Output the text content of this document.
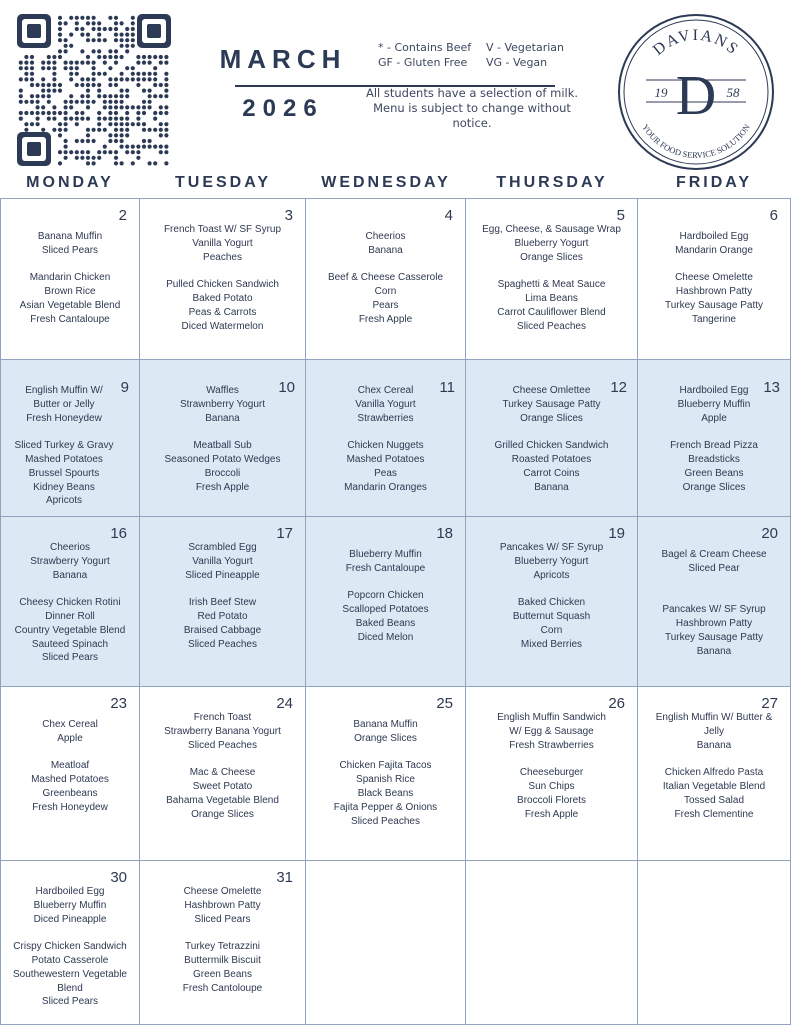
MARCH
2026
* - Contains Beef	V - Vegetarian
GF - Gluten Free	VG - Vegan
All students have a selection of milk.
Menu is subject to change without notice.
DAVIANS
YOUR FOOD SERVICE SOLUTION
D
19	58
MONDAY	TUESDAY	WEDNESDAY	THURSDAY	FRIDAY
2
Banana Muffin
Sliced Pears
Mandarin Chicken
Brown Rice
Asian Vegetable Blend
Fresh Cantaloupe
3
French Toast W/ SF Syrup
Vanilla Yogurt
Peaches
Pulled Chicken Sandwich
Baked Potato
Peas & Carrots
Diced Watermelon
4
Cheerios
Banana
Beef & Cheese Casserole
Corn
Pears
Fresh Apple
5
Egg, Cheese, & Sausage Wrap
Blueberry Yogurt
Orange Slices
Spaghetti & Meat Sauce
Lima Beans
Carrot Cauliflower Blend
Sliced Peaches
6
Hardboiled Egg
Mandarin Orange
Cheese Omelette
Hashbrown Patty
Turkey Sausage Patty
Tangerine
9
English Muffin W/
Butter or Jelly
Fresh Honeydew
Sliced Turkey & Gravy
Mashed Potatoes
Brussel Spourts
Kidney Beans
Apricots
10
Waffles
Strawnberry Yogurt
Banana
Meatball Sub
Seasoned Potato Wedges
Broccoli
Fresh Apple
11
Chex Cereal
Vanilla Yogurt
Strawberries
Chicken Nuggets
Mashed Potatoes
Peas
Mandarin Oranges
12
Cheese Omlettee
Turkey Sausage Patty
Orange Slices
Grilled Chicken Sandwich
Roasted Potatoes
Carrot Coins
Banana
13
Hardboiled Egg
Blueberry Muffin
Apple
French Bread Pizza
Breadsticks
Green Beans
Orange Slices
16
Cheerios
Strawberry Yogurt
Banana
Cheesy Chicken Rotini
Dinner Roll
Country Vegetable Blend
Sauteed Spinach
Sliced Pears
17
Scrambled Egg
Vanilla Yogurt
Sliced Pineapple
Irish Beef Stew
Red Potato
Braised Cabbage
Sliced Peaches
18
Blueberry Muffin
Fresh Cantaloupe
Popcorn Chicken
Scalloped Potatoes
Baked Beans
Diced Melon
19
Pancakes W/ SF Syrup
Blueberry Yogurt
Apricots
Baked Chicken
Butternut Squash
Corn
Mixed Berries
20
Bagel & Cream Cheese
Sliced Pear
Pancakes W/ SF Syrup
Hashbrown Patty
Turkey Sausage Patty
Banana
23
Chex Cereal
Apple
Meatloaf
Mashed Potatoes
Greenbeans
Fresh Honeydew
24
French Toast
Strawberry Banana Yogurt
Sliced Peaches
Mac & Cheese
Sweet Potato
Bahama Vegetable Blend
Orange Slices
25
Banana Muffin
Orange Slices
Chicken Fajita Tacos
Spanish Rice
Black Beans
Fajita Pepper & Onions
Sliced Peaches
26
English Muffin Sandwich
W/ Egg & Sausage
Fresh Strawberries
Cheeseburger
Sun Chips
Broccoli Florets
Fresh Apple
27
English Muffin W/ Butter &
Jelly
Banana
Chicken Alfredo Pasta
Italian Vegetable Blend
Tossed Salad
Fresh Clementine
30
Hardboiled Egg
Blueberry Muffin
Diced Pineapple
Crispy Chicken Sandwich
Potato Casserole
Southewestern Vegetable Blend
Sliced Pears
31
Cheese Omelette
Hashbrown Patty
Sliced Pears
Turkey Tetrazzini
Buttermilk Biscuit
Green Beans
Fresh Cantoloupe
